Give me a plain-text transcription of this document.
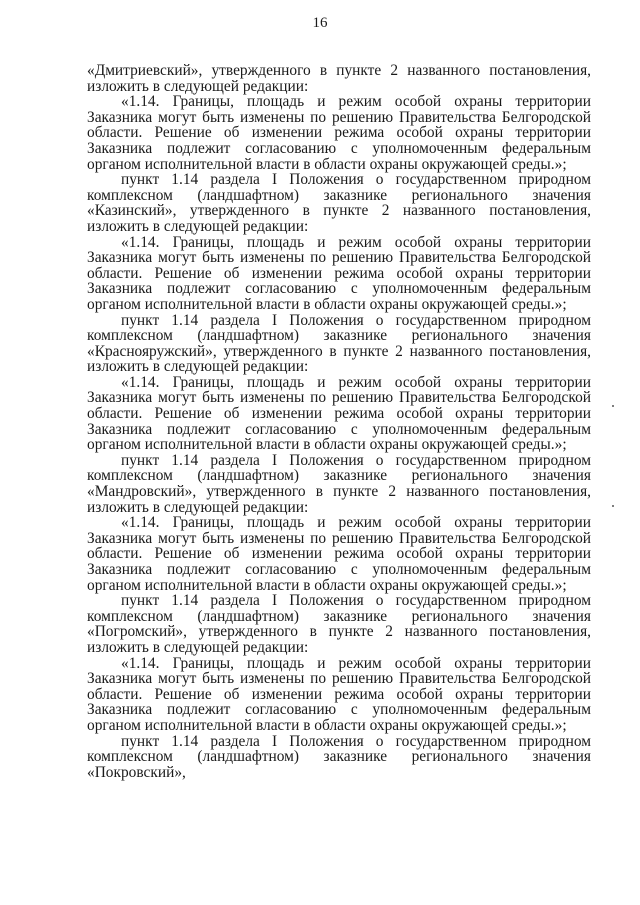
16

«Дмитриевский», утвержденного в пункте 2 названного постановления, изложить в следующей редакции:

«1.14. Границы, площадь и режим особой охраны территории Заказника могут быть изменены по решению Правительства Белгородской области. Решение об изменении режима особой охраны территории Заказника подлежит согласованию с уполномоченным федеральным органом исполнительной власти в области охраны окружающей среды.»;

пункт 1.14 раздела I Положения о государственном природном комплексном (ландшафтном) заказнике регионального значения «Казинский», утвержденного в пункте 2 названного постановления, изложить в следующей редакции:

«1.14. Границы, площадь и режим особой охраны территории Заказника могут быть изменены по решению Правительства Белгородской области. Решение об изменении режима особой охраны территории Заказника подлежит согласованию с уполномоченным федеральным органом исполнительной власти в области охраны окружающей среды.»;

пункт 1.14 раздела I Положения о государственном природном комплексном (ландшафтном) заказнике регионального значения «Краснояружский», утвержденного в пункте 2 названного постановления, изложить в следующей редакции:

«1.14. Границы, площадь и режим особой охраны территории Заказника могут быть изменены по решению Правительства Белгородской области. Решение об изменении режима особой охраны территории Заказника подлежит согласованию с уполномоченным федеральным органом исполнительной власти в области охраны окружающей среды.»;

пункт 1.14 раздела I Положения о государственном природном комплексном (ландшафтном) заказнике регионального значения «Мандровский», утвержденного в пункте 2 названного постановления, изложить в следующей редакции:

«1.14. Границы, площадь и режим особой охраны территории Заказника могут быть изменены по решению Правительства Белгородской области. Решение об изменении режима особой охраны территории Заказника подлежит согласованию с уполномоченным федеральным органом исполнительной власти в области охраны окружающей среды.»;

пункт 1.14 раздела I Положения о государственном природном комплексном (ландшафтном) заказнике регионального значения «Погромский», утвержденного в пункте 2 названного постановления, изложить в следующей редакции:

«1.14. Границы, площадь и режим особой охраны территории Заказника могут быть изменены по решению Правительства Белгородской области. Решение об изменении режима особой охраны территории Заказника подлежит согласованию с уполномоченным федеральным органом исполнительной власти в области охраны окружающей среды.»;

пункт 1.14 раздела I Положения о государственном природном комплексном (ландшафтном) заказнике регионального значения «Покровский»,
